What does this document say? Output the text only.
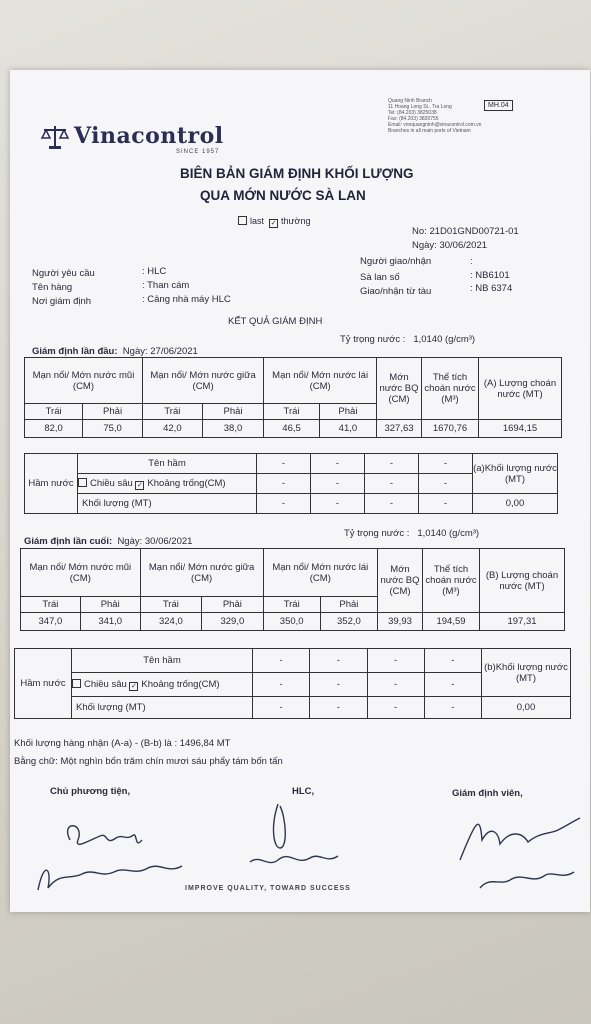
Vinacontrol
SINCE 1957
Quang Ninh Branch
11 Hoang Long St., Tra Long
Tel: (84.203) 3825038
Fax: (84.203) 3820755
Email: vnnquangninh@vinacontrol.com.vn
Branches in all main ports of Vietnam
MH.04
BIÊN BẢN GIÁM ĐỊNH KHỐI LƯỢNG
QUA MỚN NƯỚC SÀ LAN
last ✓ thường
No: 21D01GND00721-01
Ngày: 30/06/2021
Người yêu cầu	: HLC
Tên hàng	: Than cám
Nơi giám định	: Cảng nhà máy HLC
Người giao/nhận	:
Sà lan số	: NB6101
Giao/nhận từ tàu	: NB 6374
KẾT QUẢ GIÁM ĐỊNH
Tỷ trọng nước : 1,0140 (g/cm³)
Giám định lần đầu: Ngày: 27/06/2021
Mạn nổi/ Mớn nước mũi (CM)		Mạn nổi/ Mớn nước giữa (CM)		Mạn nổi/ Mớn nước lái (CM)		Mớn nước BQ (CM)	Thể tích choán nước (M³)	(A) Lượng choán nước (MT)
Trái	Phải	Trái	Phải	Trái	Phải			
82,0	75,0	42,0	38,0	46,5	41,0	327,63	1670,76	1694,15
Hầm nước	Tên hầm	-	-	-	-	(a)Khối lượng nước (MT)
	Chiều sâu ✓ Khoảng trống(CM)	-	-	-	-	
	Khối lượng (MT)	-	-	-	-	0,00
Tỷ trọng nước : 1,0140 (g/cm³)
Giám định lần cuối: Ngày: 30/06/2021
Mạn nổi/ Mớn nước mũi (CM)		Mạn nổi/ Mớn nước giữa (CM)		Mạn nổi/ Mớn nước lái (CM)		Mớn nước BQ (CM)	Thể tích choán nước (M³)	(B) Lượng choán nước (MT)
Trái	Phải	Trái	Phải	Trái	Phải			
347,0	341,0	324,0	329,0	350,0	352,0	39,93	194,59	197,31
Hầm nước	Tên hầm	-	-	-	-	(b)Khối lượng nước (MT)
	Chiều sâu ✓ Khoảng trống(CM)	-	-	-	-	
	Khối lượng (MT)	-	-	-	-	0,00
Khối lượng hàng nhận (A-a) - (B-b) là : 1496,84 MT
Bằng chữ: Một nghìn bốn trăm chín mươi sáu phẩy tám bốn tấn
Chủ phương tiện,	HLC,	Giám định viên,
IMPROVE QUALITY, TOWARD SUCCESS
